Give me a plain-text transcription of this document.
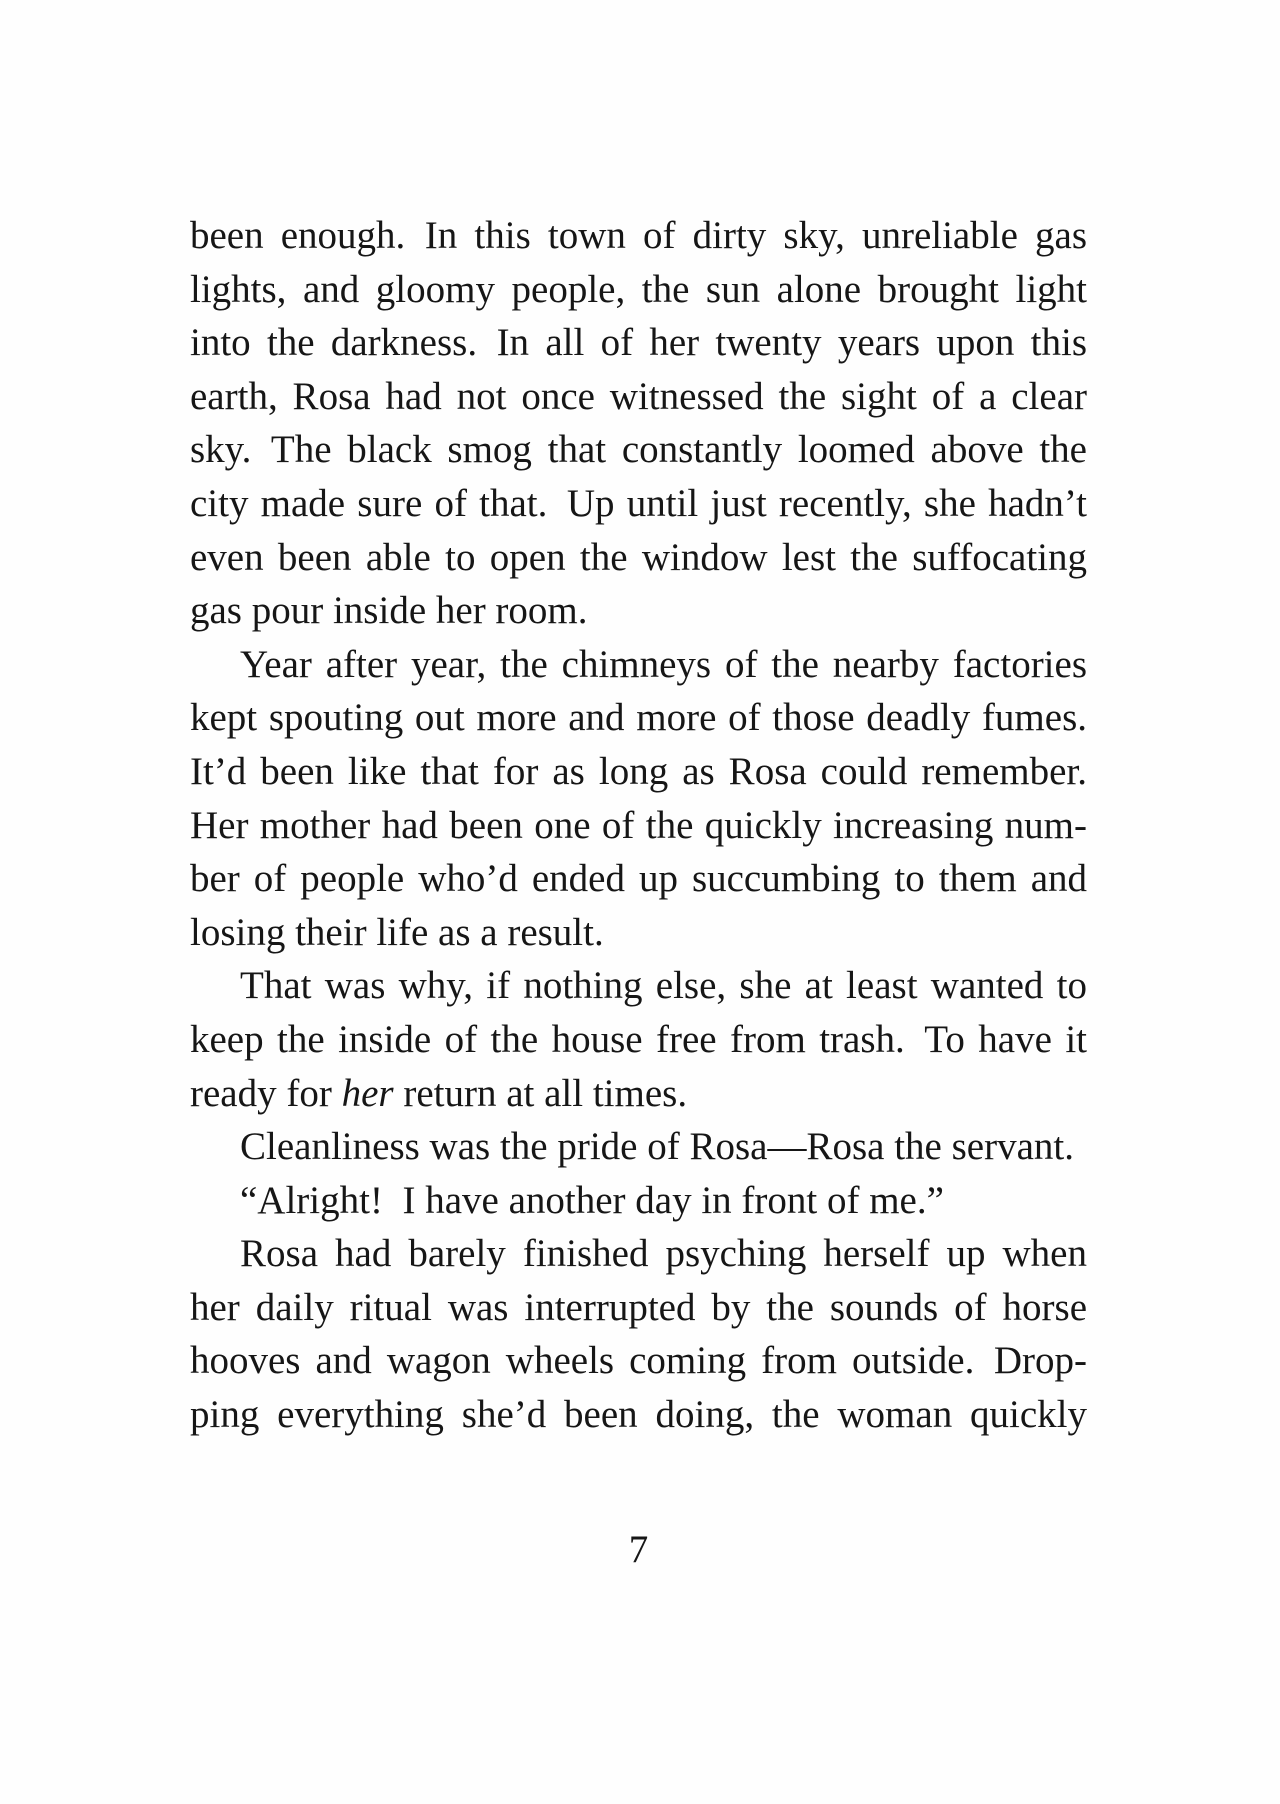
been enough. In this town of dirty sky, unreliable gas
lights, and gloomy people, the sun alone brought light
into the darkness. In all of her twenty years upon this
earth, Rosa had not once witnessed the sight of a clear
sky. The black smog that constantly loomed above the
city made sure of that. Up until just recently, she hadn’t
even been able to open the window lest the suffocating
gas pour inside her room.
Year after year, the chimneys of the nearby factories
kept spouting out more and more of those deadly fumes.
It’d been like that for as long as Rosa could remember.
Her mother had been one of the quickly increasing num-
ber of people who’d ended up succumbing to them and
losing their life as a result.
That was why, if nothing else, she at least wanted to
keep the inside of the house free from trash. To have it
ready for her return at all times.
Cleanliness was the pride of Rosa—Rosa the servant.
“Alright! I have another day in front of me.”
Rosa had barely finished psyching herself up when
her daily ritual was interrupted by the sounds of horse
hooves and wagon wheels coming from outside. Drop-
ping everything she’d been doing, the woman quickly
7
